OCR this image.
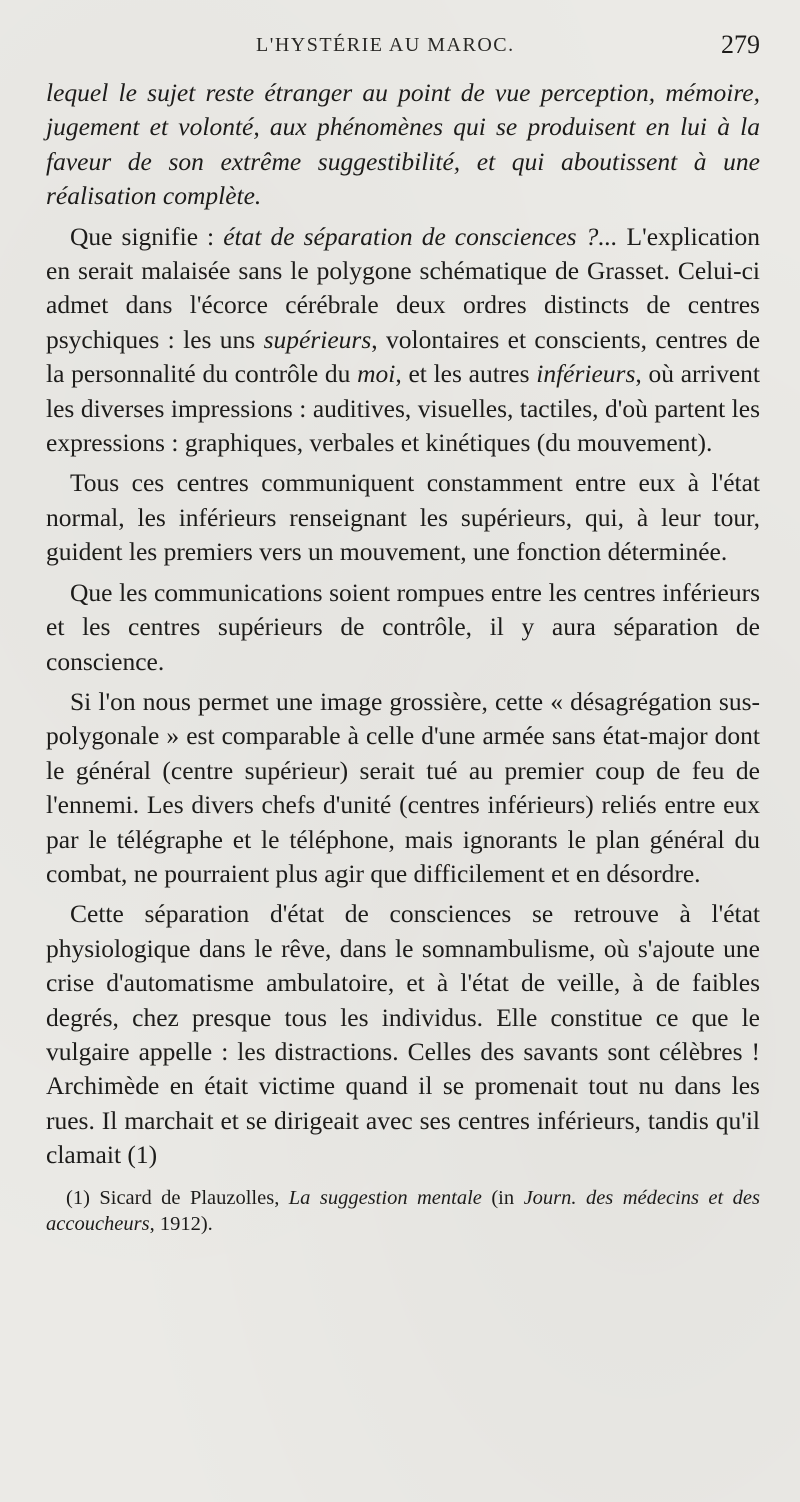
L'HYSTÉRIE AU MAROC.	279

lequel le sujet reste étranger au point de vue perception, mémoire, jugement et volonté, aux phénomènes qui se produisent en lui à la faveur de son extrême suggestibilité, et qui aboutissent à une réalisation complète.

Que signifie : état de séparation de consciences ?... L'explication en serait malaisée sans le polygone schématique de Grasset. Celui-ci admet dans l'écorce cérébrale deux ordres distincts de centres psychiques : les uns supérieurs, volontaires et conscients, centres de la personnalité du contrôle du moi, et les autres inférieurs, où arrivent les diverses impressions : auditives, visuelles, tactiles, d'où partent les expressions : graphiques, verbales et kinétiques (du mouvement).

Tous ces centres communiquent constamment entre eux à l'état normal, les inférieurs renseignant les supérieurs, qui, à leur tour, guident les premiers vers un mouvement, une fonction déterminée.

Que les communications soient rompues entre les centres inférieurs et les centres supérieurs de contrôle, il y aura séparation de conscience.

Si l'on nous permet une image grossière, cette « désagrégation sus-polygonale » est comparable à celle d'une armée sans état-major dont le général (centre supérieur) serait tué au premier coup de feu de l'ennemi. Les divers chefs d'unité (centres inférieurs) reliés entre eux par le télégraphe et le téléphone, mais ignorants le plan général du combat, ne pourraient plus agir que difficilement et en désordre.

Cette séparation d'état de consciences se retrouve à l'état physiologique dans le rêve, dans le somnambulisme, où s'ajoute une crise d'automatisme ambulatoire, et à l'état de veille, à de faibles degrés, chez presque tous les individus. Elle constitue ce que le vulgaire appelle : les distractions. Celles des savants sont célèbres ! Archimède en était victime quand il se promenait tout nu dans les rues. Il marchait et se dirigeait avec ses centres inférieurs, tandis qu'il clamait (1)

(1) Sicard de Plauzolles, La suggestion mentale (in Journ. des médecins et des accoucheurs, 1912).
